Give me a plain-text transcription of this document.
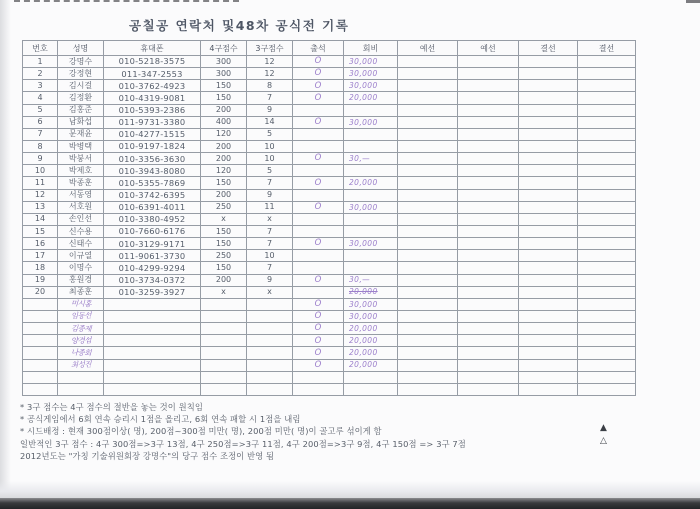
공칠공 연락처 및48차 공식전 기록
번호	성명	휴대폰	4구점수	3구점수	출석	회비	예선	예선	결선	결선
1	강명수	010-5218-3575	300	12	O	30,000				
2	강정현	011-347-2553	300	12	O	30,000				
3	김시걸	010-3762-4923	150	8	O	30,000				
4	김정환	010-4319-9081	150	7	O	20,000				
5	김홍준	010-5393-2386	200	9						
6	남화섭	011-9731-3380	400	14	O	30,000				
7	문재윤	010-4277-1515	120	5						
8	박병택	010-9197-1824	200	10						
9	박붕서	010-3356-3630	200	10	O	30,—				
10	박제호	010-3943-8080	120	5						
11	박종훈	010-5355-7869	150	7	O	20,000				
12	서동영	010-3742-6395	200	9						
13	서호원	010-6391-4011	250	11	O	30,000				
14	손인선	010-3380-4952	x	x						
15	신수용	010-7660-6176	150	7						
16	신태수	010-3129-9171	150	7	O	30,000				
17	이규열	011-9061-3730	250	10						
18	이명수	010-4299-9294	150	7						
19	홍원경	010-3734-0372	200	9	O	30,—				
20	최종훈	010-3259-3927	x	x		20,000				
	미시홍				O	30,000				
	임동선				O	30,000				
	김종제				O	20,000				
	양경섭				O	20,000				
	나종회				O	20,000				
	최성진				O	20,000				

* 3구 점수는 4구 점수의 절반을 놓는 것이 원칙임
* 공식게임에서 6회 연속 승리시 1점을 올리고, 6회 연속 패할 시 1점을 내림
* 시드배정 : 현재 300점이상( 명), 200점~300점 미만( 명), 200점 미만( 명)이 골고루 섞이게 함
일반적인 3구 점수 : 4구 300점=>3구 13점, 4구 250점=>3구 11점, 4구 200점=>3구 9점, 4구 150점 => 3구 7점
2012년도는 "가칭 기술위원회장 강명수"의 당구 점수 조정이 반영 됨
▲
△
